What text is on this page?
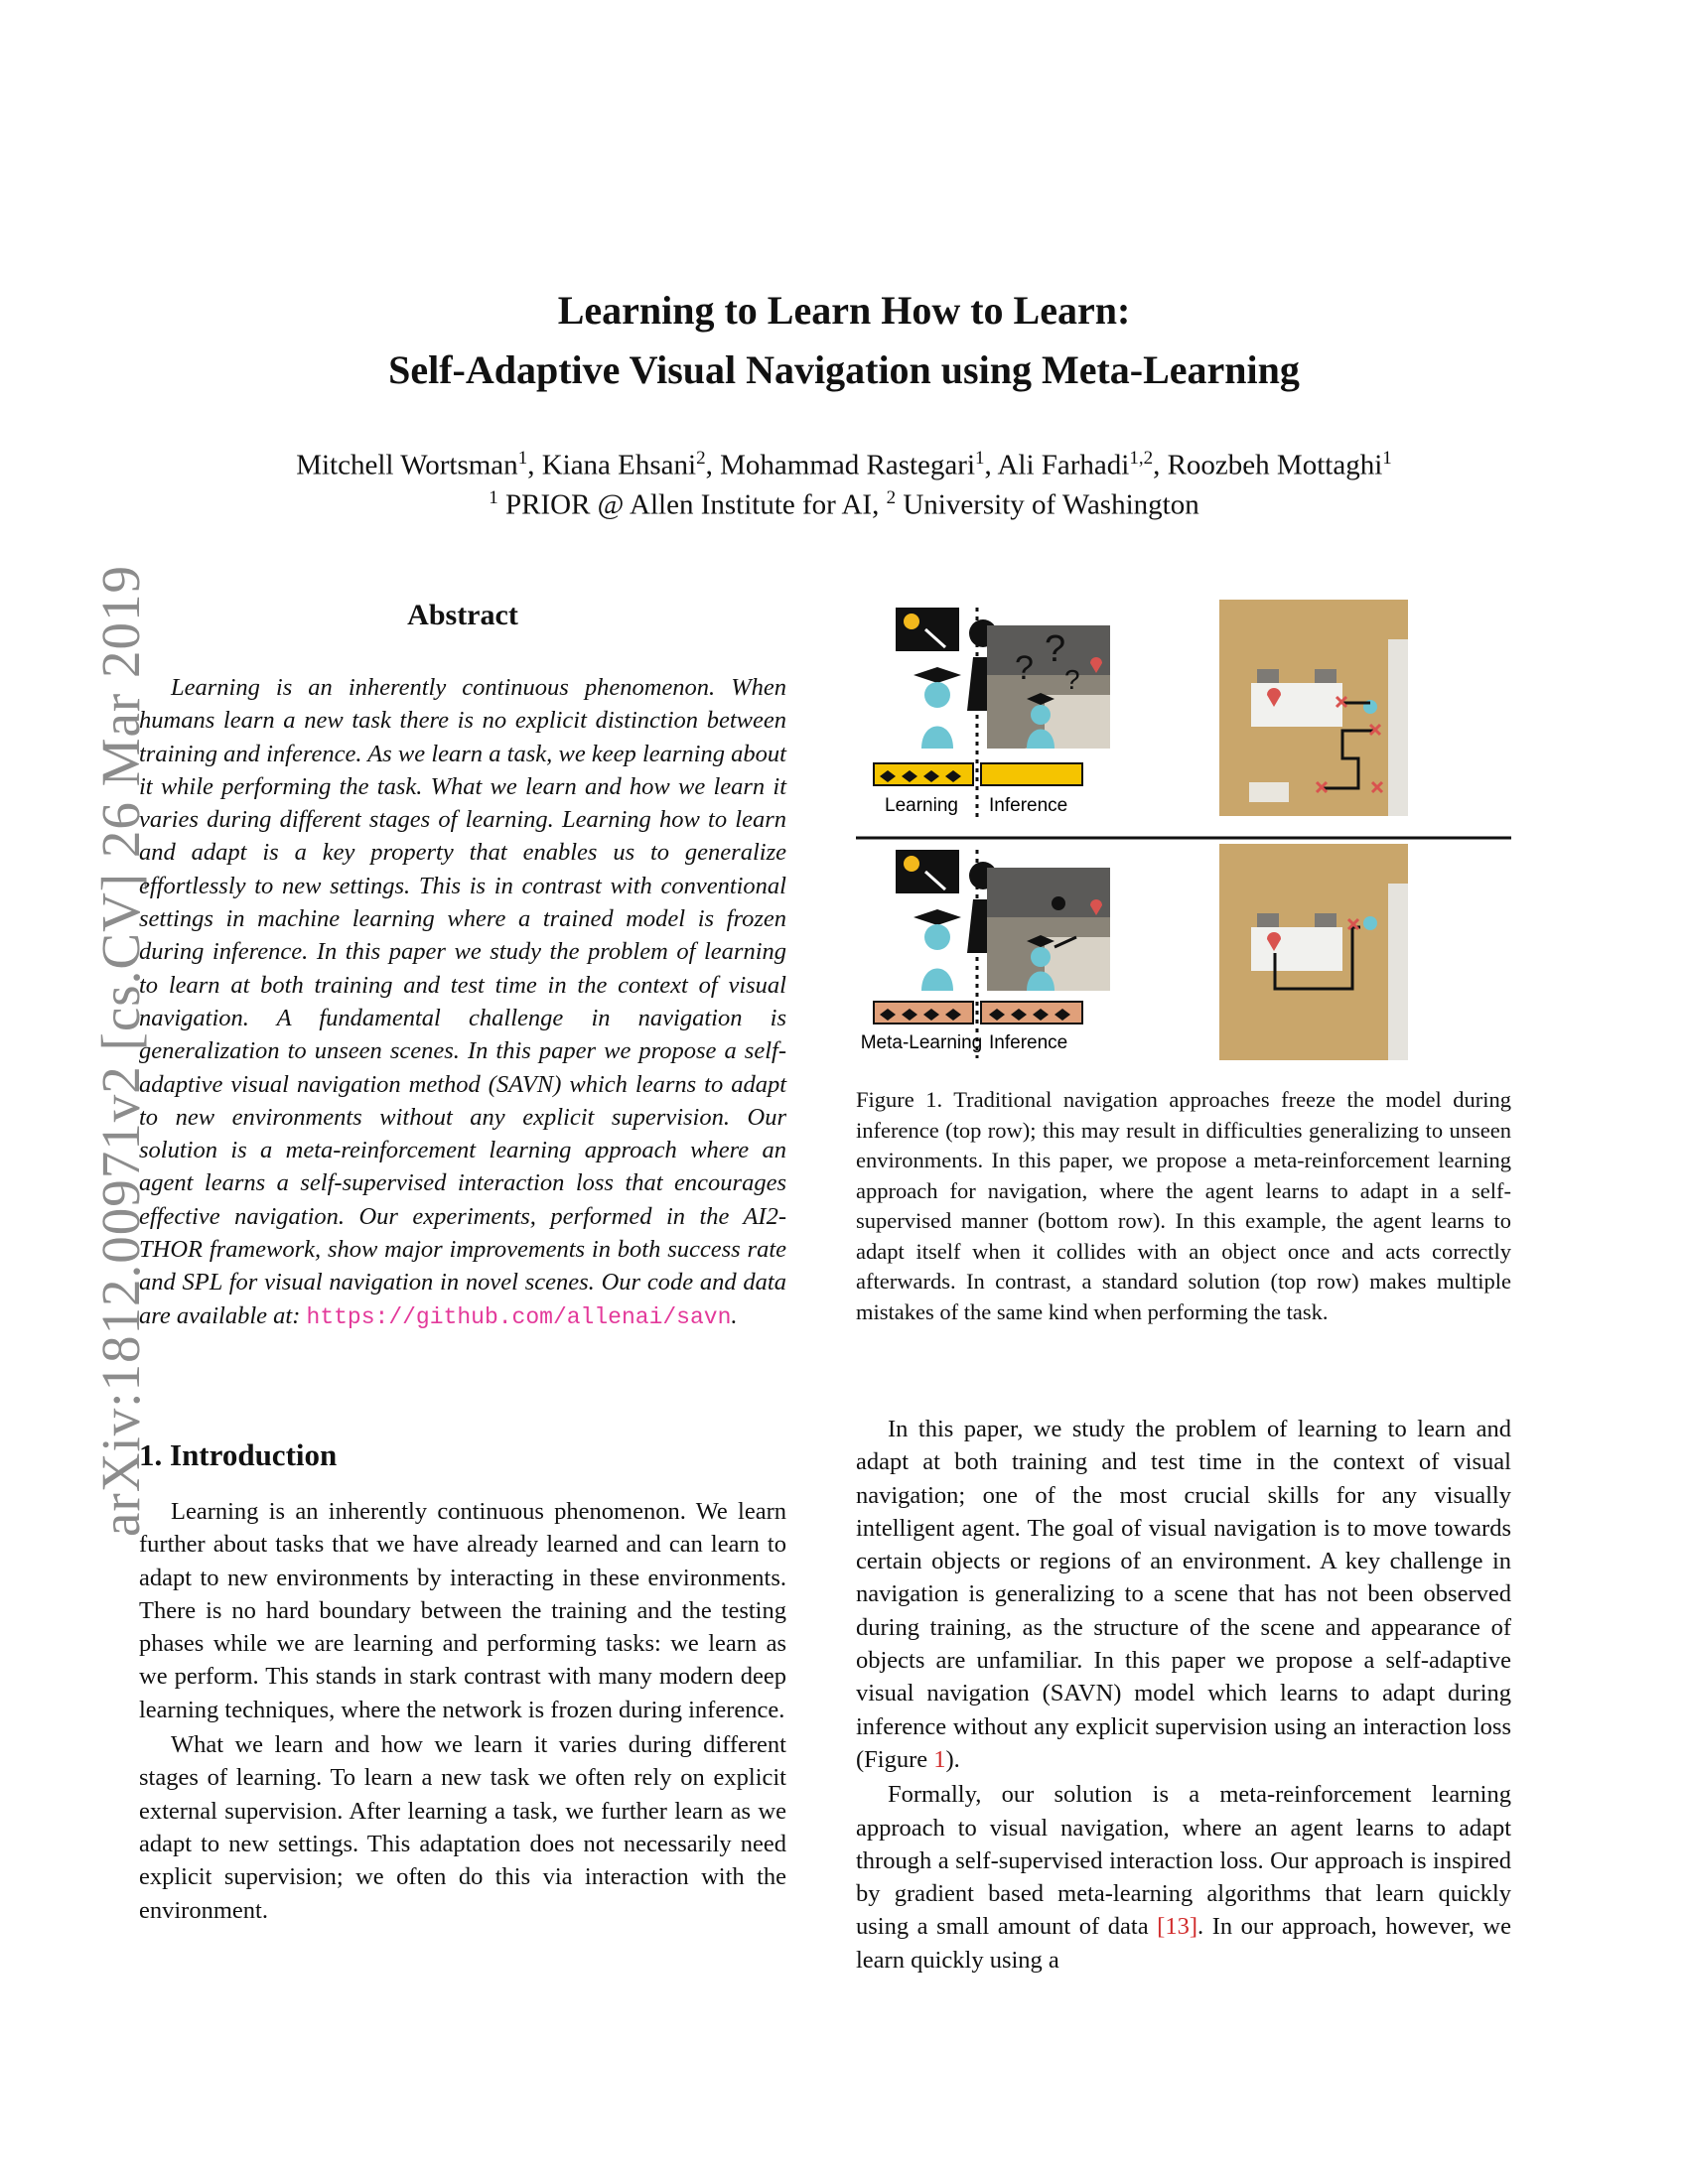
arXiv:1812.00971v2 [cs.CV] 26 Mar 2019
Learning to Learn How to Learn:
Self-Adaptive Visual Navigation using Meta-Learning
Mitchell Wortsman$^1$, Kiana Ehsani$^2$, Mohammad Rastegari$^1$, Ali Farhadi$^{1,2}$, Roozbeh Mottaghi$^1$
$^1$ PRIOR @ Allen Institute for AI, $^2$ University of Washington
Abstract
Learning is an inherently continuous phenomenon. When humans learn a new task there is no explicit distinction between training and inference. As we learn a task, we keep learning about it while performing the task. What we learn and how we learn it varies during different stages of learning. Learning how to learn and adapt is a key property that enables us to generalize effortlessly to new settings. This is in contrast with conventional settings in machine learning where a trained model is frozen during inference. In this paper we study the problem of learning to learn at both training and test time in the context of visual navigation. A fundamental challenge in navigation is generalization to unseen scenes. In this paper we propose a self-adaptive visual navigation method (SAVN) which learns to adapt to new environments without any explicit supervision. Our solution is a meta-reinforcement learning approach where an agent learns a self-supervised interaction loss that encourages effective navigation. Our experiments, performed in the AI2-THOR framework, show major improvements in both success rate and SPL for visual navigation in novel scenes. Our code and data are available at: https://github.com/allenai/savn.
1. Introduction

Learning is an inherently continuous phenomenon. We learn further about tasks that we have already learned and can learn to adapt to new environments by interacting in these environments. There is no hard boundary between the training and the testing phases while we are learning and performing tasks: we learn as we perform. This stands in stark contrast with many modern deep learning techniques, where the network is frozen during inference.

What we learn and how we learn it varies during different stages of learning. To learn a new task we often rely on explicit external supervision. After learning a task, we further learn as we adapt to new settings. This adaptation does not necessarily need explicit supervision; we often do this via interaction with the environment.

Learning Inference
? ?
?
Meta-Learning Inference
Figure 1. Traditional navigation approaches freeze the model during inference (top row); this may result in difficulties generalizing to unseen environments. In this paper, we propose a meta-reinforcement learning approach for navigation, where the agent learns to adapt in a self-supervised manner (bottom row). In this example, the agent learns to adapt itself when it collides with an object once and acts correctly afterwards. In contrast, a standard solution (top row) makes multiple mistakes of the same kind when performing the task.

In this paper, we study the problem of learning to learn and adapt at both training and test time in the context of visual navigation; one of the most crucial skills for any visually intelligent agent. The goal of visual navigation is to move towards certain objects or regions of an environment. A key challenge in navigation is generalizing to a scene that has not been observed during training, as the structure of the scene and appearance of objects are unfamiliar. In this paper we propose a self-adaptive visual navigation (SAVN) model which learns to adapt during inference without any explicit supervision using an interaction loss (Figure 1).

Formally, our solution is a meta-reinforcement learning approach to visual navigation, where an agent learns to adapt through a self-supervised interaction loss. Our approach is inspired by gradient based meta-learning algorithms that learn quickly using a small amount of data [13]. In our approach, however, we learn quickly using a
